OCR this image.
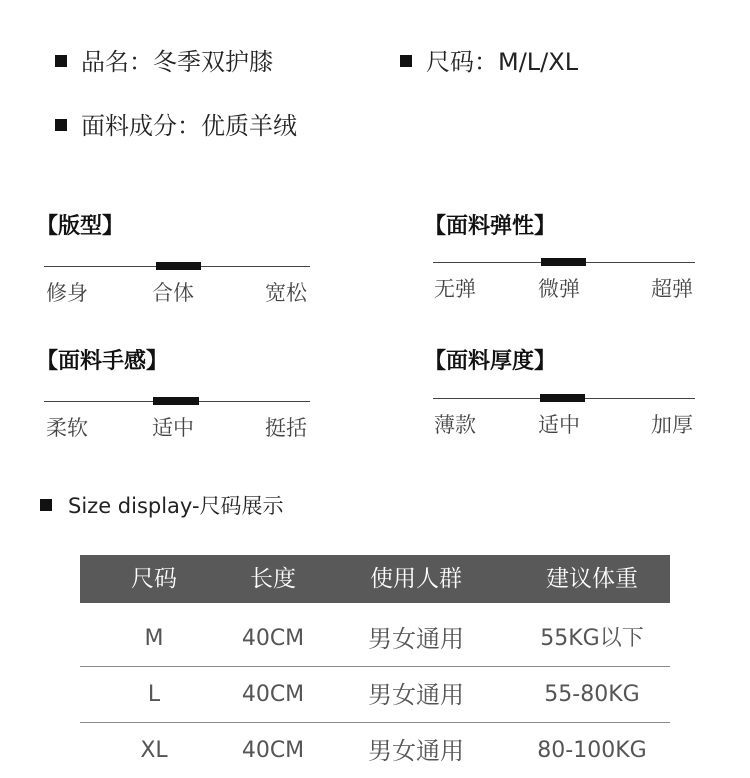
品名：冬季双护膝	尺码：M/L/XL
面料成分：优质羊绒
【版型】
修身	合体	宽松
【面料弹性】
无弹	微弹	超弹
【面料手感】
柔软	适中	挺括
【面料厚度】
薄款	适中	加厚
Size display-尺码展示
尺码	长度	使用人群	建议体重
M	40CM	男女通用	55KG以下
L	40CM	男女通用	55-80KG
XL	40CM	男女通用	80-100KG
